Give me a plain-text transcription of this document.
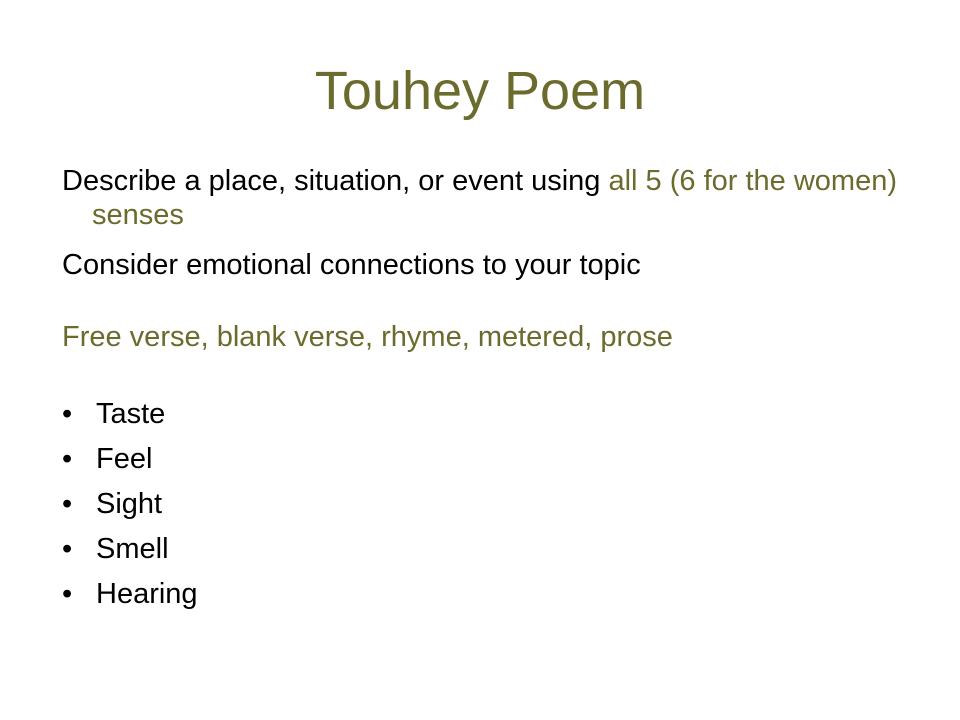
Touhey Poem

Describe a place, situation, or event using all 5 (6 for the women) senses

Consider emotional connections to your topic

Free verse, blank verse, rhyme, metered, prose

• Taste
• Feel
• Sight
• Smell
• Hearing
